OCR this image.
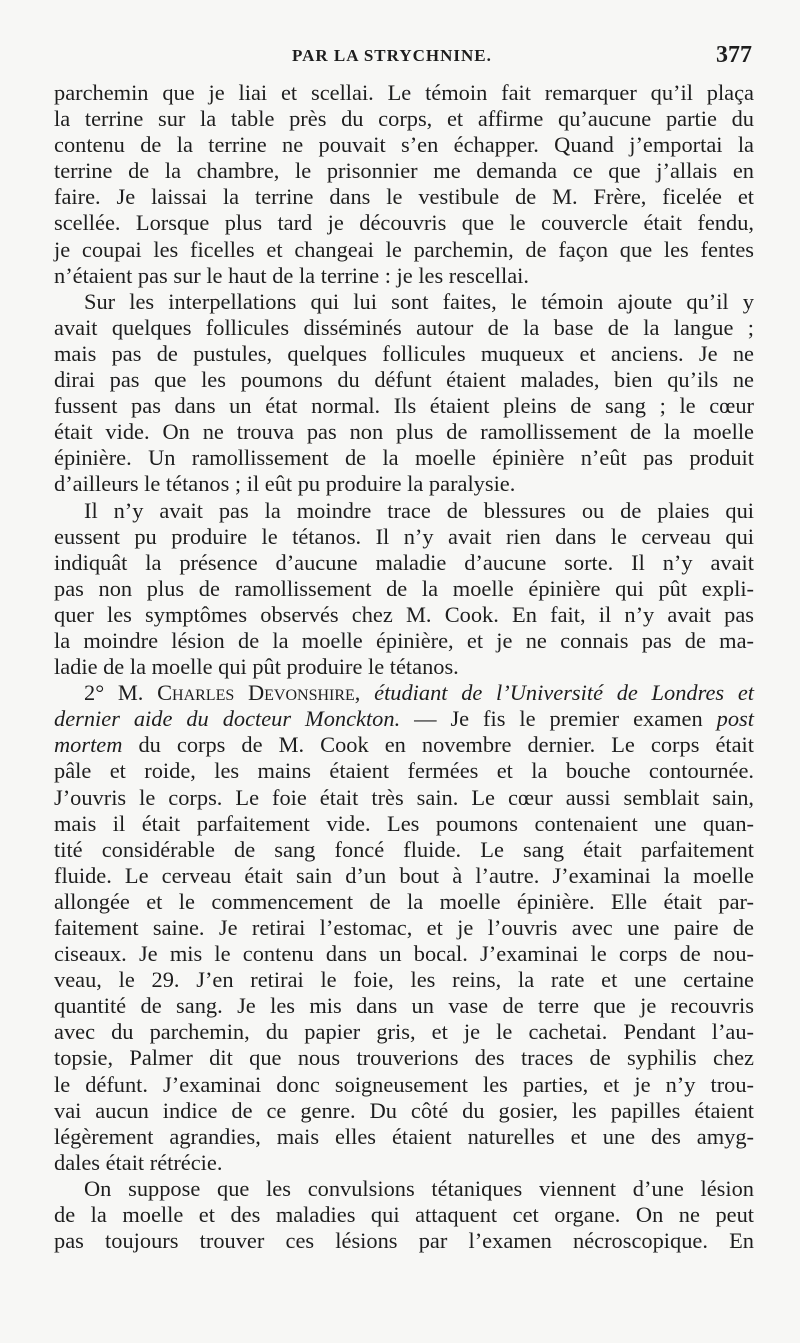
PAR LA STRYCHNINE.	377
parchemin que je liai et scellai. Le témoin fait remarquer qu’il plaça
la terrine sur la table près du corps, et affirme qu’aucune partie du
contenu de la terrine ne pouvait s’en échapper. Quand j’emportai la
terrine de la chambre, le prisonnier me demanda ce que j’allais en
faire. Je laissai la terrine dans le vestibule de M. Frère, ficelée et
scellée. Lorsque plus tard je découvris que le couvercle était fendu,
je coupai les ficelles et changeai le parchemin, de façon que les fentes
n’étaient pas sur le haut de la terrine : je les rescellai.
Sur les interpellations qui lui sont faites, le témoin ajoute qu’il y
avait quelques follicules disséminés autour de la base de la langue ;
mais pas de pustules, quelques follicules muqueux et anciens. Je ne
dirai pas que les poumons du défunt étaient malades, bien qu’ils ne
fussent pas dans un état normal. Ils étaient pleins de sang ; le cœur
était vide. On ne trouva pas non plus de ramollissement de la moelle
épinière. Un ramollissement de la moelle épinière n’eût pas produit
d’ailleurs le tétanos ; il eût pu produire la paralysie.
Il n’y avait pas la moindre trace de blessures ou de plaies qui
eussent pu produire le tétanos. Il n’y avait rien dans le cerveau qui
indiquât la présence d’aucune maladie d’aucune sorte. Il n’y avait
pas non plus de ramollissement de la moelle épinière qui pût expli-
quer les symptômes observés chez M. Cook. En fait, il n’y avait pas
la moindre lésion de la moelle épinière, et je ne connais pas de ma-
ladie de la moelle qui pût produire le tétanos.
2° M. Charles Devonshire, étudiant de l’Université de Londres et
dernier aide du docteur Monckton. — Je fis le premier examen post
mortem du corps de M. Cook en novembre dernier. Le corps était
pâle et roide, les mains étaient fermées et la bouche contournée.
J’ouvris le corps. Le foie était très sain. Le cœur aussi semblait sain,
mais il était parfaitement vide. Les poumons contenaient une quan-
tité considérable de sang foncé fluide. Le sang était parfaitement
fluide. Le cerveau était sain d’un bout à l’autre. J’examinai la moelle
allongée et le commencement de la moelle épinière. Elle était par-
faitement saine. Je retirai l’estomac, et je l’ouvris avec une paire de
ciseaux. Je mis le contenu dans un bocal. J’examinai le corps de nou-
veau, le 29. J’en retirai le foie, les reins, la rate et une certaine
quantité de sang. Je les mis dans un vase de terre que je recouvris
avec du parchemin, du papier gris, et je le cachetai. Pendant l’au-
topsie, Palmer dit que nous trouverions des traces de syphilis chez
le défunt. J’examinai donc soigneusement les parties, et je n’y trou-
vai aucun indice de ce genre. Du côté du gosier, les papilles étaient
légèrement agrandies, mais elles étaient naturelles et une des amyg-
dales était rétrécie.
On suppose que les convulsions tétaniques viennent d’une lésion
de la moelle et des maladies qui attaquent cet organe. On ne peut
pas toujours trouver ces lésions par l’examen nécroscopique. En
